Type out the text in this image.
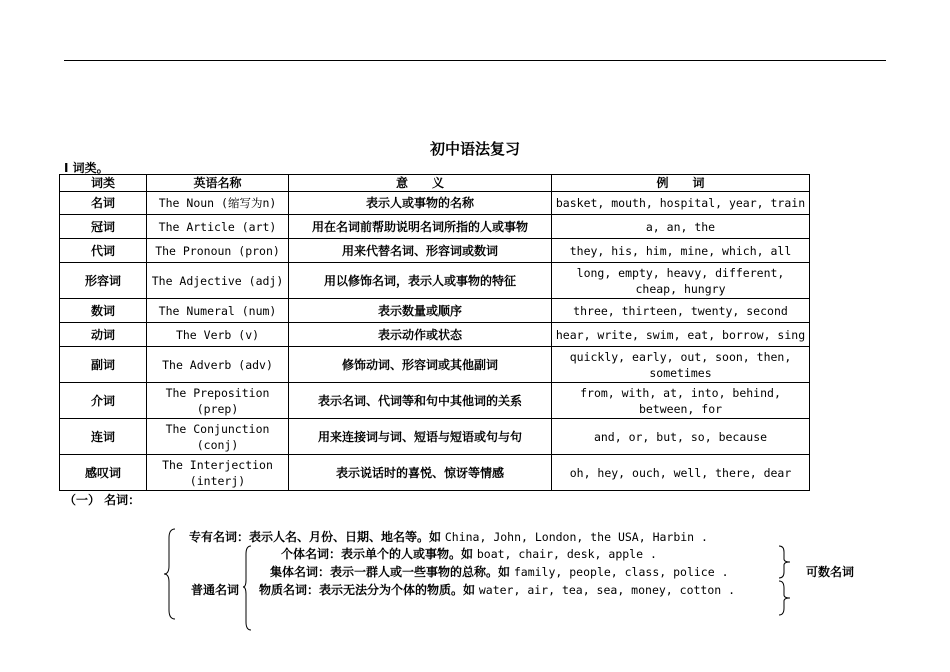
初中语法复习
Ⅰ 词类。
词类	英语名称	意　　义	例　　词
名词	The Noun (缩写为n)	表示人或事物的名称	basket, mouth, hospital, year, train
冠词	The Article (art)	用在名词前帮助说明名词所指的人或事物	a, an, the
代词	The Pronoun (pron)	用来代替名词、形容词或数词	they, his, him, mine, which, all
形容词	The Adjective (adj)	用以修饰名词，表示人或事物的特征	long, empty, heavy, different, cheap, hungry
数词	The Numeral (num)	表示数量或顺序	three, thirteen, twenty, second
动词	The Verb (v)	表示动作或状态	hear, write, swim, eat, borrow, sing
副词	The Adverb (adv)	修饰动词、形容词或其他副词	quickly, early, out, soon, then, sometimes
介词	The Preposition (prep)	表示名词、代词等和句中其他词的关系	from, with, at, into, behind, between, for
连词	The Conjunction (conj)	用来连接词与词、短语与短语或句与句	and, or, but, so, because
感叹词	The Interjection (interj)	表示说话时的喜悦、惊讶等情感	oh, hey, ouch, well, there, dear
（一） 名词：
专有名词：表示人名、月份、日期、地名等。如 China, John, London, the USA, Harbin .
个体名词：表示单个的人或事物。如 boat, chair, desk, apple .
集体名词：表示一群人或一些事物的总称。如 family, people, class, police .
普通名词 物质名词：表示无法分为个体的物质。如 water, air, tea, sea, money, cotton .
可数名词
